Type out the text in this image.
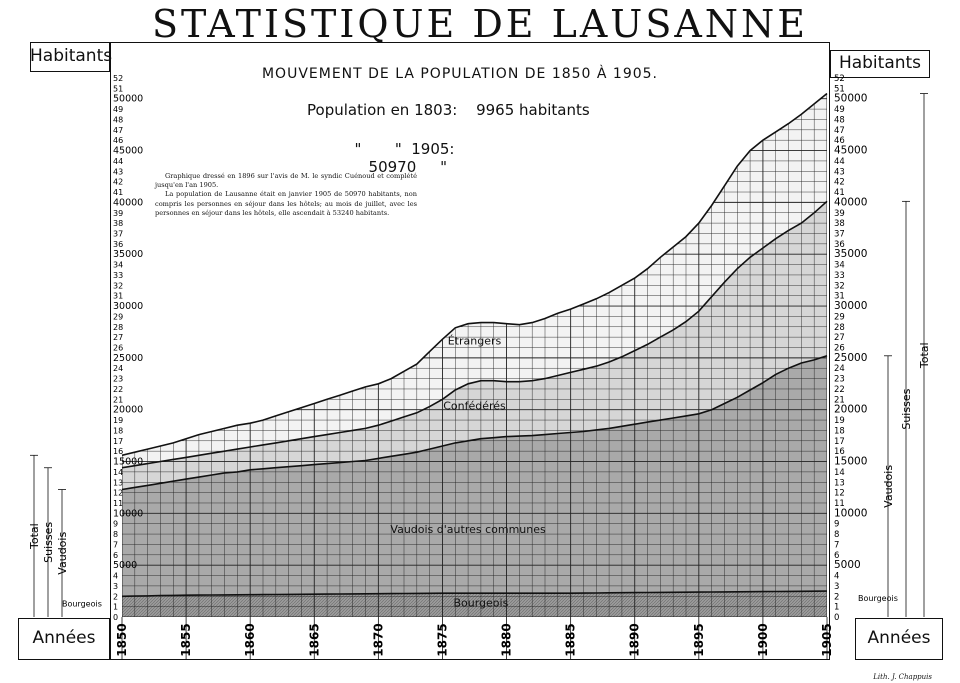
STATISTIQUE DE LAUSANNE
Habitants	Habitants
Années	Années
MOUVEMENT DE LA POPULATION DE 1850 À 1905.
Population en 1803: 9965 habitants

"       "  1905:
50970     "

Graphique dressé en 1896 sur l'avis de M. le syndic Cuénoud et complété jusqu'en l'an 1905.

La population de Lausanne était en janvier 1905 de 50970 habitants, non compris les personnes en séjour dans les hôtels; au mois de juillet, avec les personnes en séjour dans les hôtels, elle ascendait à 53240 habitants.

Étrangers
Confédérés
Vaudois d'autres communes
Bourgeois
1850	1855	1860	1865	1870	1875	1880	1885	1890	1895	1900	1905
0	0
1	1
2	2
3	3
4	4
5000	5000
6	6
7	7
8	8
9	9
10000	10000
11	11
12	12
13	13
14	14
15000	15000
16	16
17	17
18	18
19	19
20000	20000
21	21
22	22
23	23
24	24
25000	25000
26	26
27	27
28	28
29	29
30000	30000
31	31
32	32
33	33
34	34
35000	35000
36	36
37	37
38	38
39	39
40000	40000
41	41
42	42
43	43
44	44
45000	45000
46	46
47	47
48	48
49	49
50000	50000
51	51
52	52
Total Suisses Vaudois
Total
Suisses
Vaudois
Bourgeois
Bourgeois
Lith. J. Chappuis
